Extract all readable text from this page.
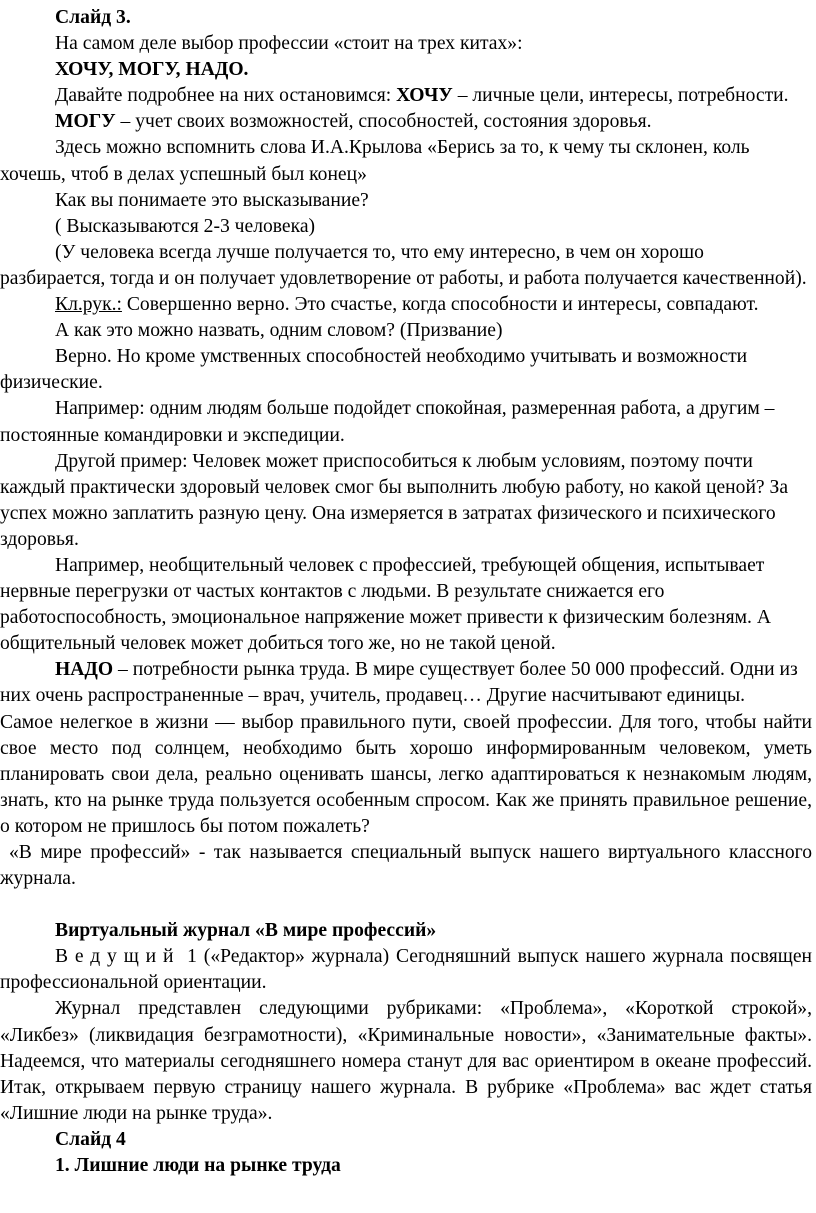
Слайд 3.

На самом деле выбор профессии «стоит на трех китах»:

ХОЧУ, МОГУ, НАДО.

Давайте подробнее на них остановимся: ХОЧУ – личные цели, интересы, потребности.

МОГУ – учет своих возможностей, способностей, состояния здоровья.

Здесь можно вспомнить слова И.А.Крылова «Берись за то, к чему ты склонен, коль хочешь, чтоб в делах успешный был конец»

Как вы понимаете это высказывание?

( Высказываются 2-3 человека)

(У человека всегда лучше получается то, что ему интересно, в чем он хорошо разбирается, тогда и он получает удовлетворение от работы, и работа получается качественной).

Кл.рук.: Совершенно верно. Это счастье, когда способности и интересы, совпадают.

А как это можно назвать, одним словом? (Призвание)

Верно. Но кроме умственных способностей необходимо учитывать и возможности физические.

Например: одним людям больше подойдет спокойная, размеренная работа, а другим – постоянные командировки и экспедиции.

Другой пример: Человек может приспособиться к любым условиям, поэтому почти каждый практически здоровый человек смог бы выполнить любую работу, но какой ценой? За успех можно заплатить разную цену. Она измеряется в затратах физического и психического здоровья.

Например, необщительный человек с профессией, требующей общения, испытывает нервные перегрузки от частых контактов с людьми. В результате снижается его работоспособность, эмоциональное напряжение может привести к физическим болезням. А общительный человек может добиться того же, но не такой ценой.

НАДО – потребности рынка труда. В мире существует более 50 000 профессий. Одни из них очень распространенные – врач, учитель, продавец… Другие насчитывают единицы.

Самое нелегкое в жизни — выбор правильного пути, своей профессии. Для того, чтобы найти свое место под солнцем, необходимо быть хорошо информированным человеком, уметь планировать свои дела, реально оценивать шансы, легко адаптироваться к незнакомым людям, знать, кто на рынке труда пользуется особенным спросом. Как же принять правильное решение, о котором не пришлось бы потом пожалеть?

«В мире профессий» - так называется специальный выпуск нашего виртуального классного журнала.

Виртуальный журнал «В мире профессий»

Ведущий 1 («Редактор» журнала) Сегодняшний выпуск нашего журнала посвящен профессиональной ориентации.

Журнал представлен следующими рубриками: «Проблема», «Короткой строкой», «Ликбез» (ликвидация безграмотности), «Криминальные новости», «Занимательные факты». Надеемся, что материалы сегодняшнего номера станут для вас ориентиром в океане профессий. Итак, открываем первую страницу нашего журнала. В рубрике «Проблема» вас ждет статья «Лишние люди на рынке труда».

Слайд 4

1. Лишние люди на рынке труда
